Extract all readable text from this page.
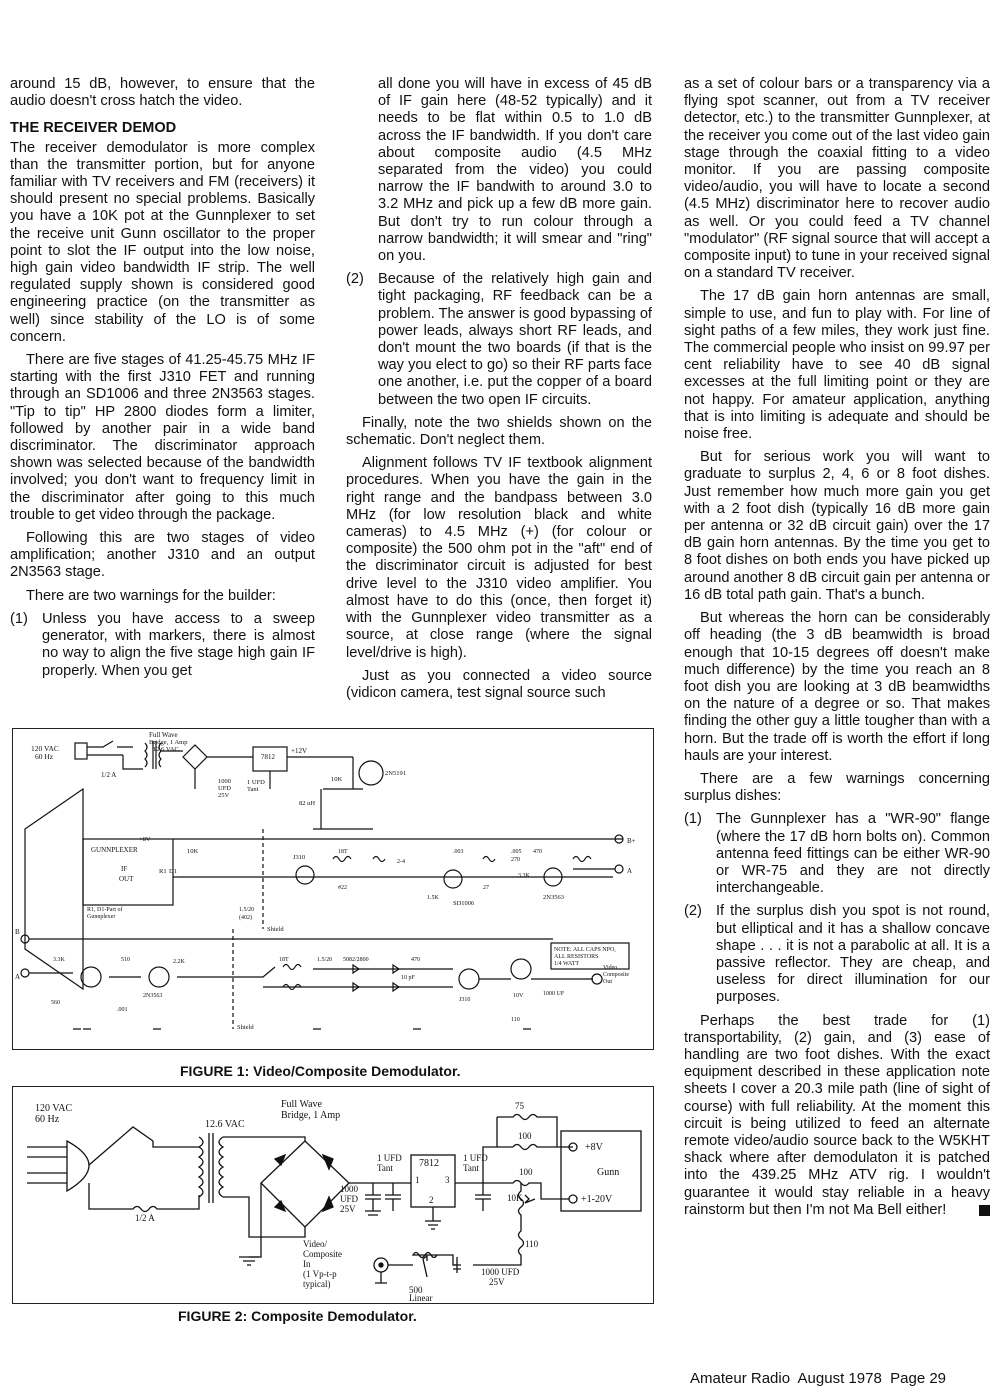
around 15 dB, however, to ensure that the audio doesn't cross hatch the video.

THE RECEIVER DEMOD

The receiver demodulator is more complex than the transmitter portion, but for anyone familiar with TV receivers and FM (receivers) it should present no special problems. Basically you have a 10K pot at the Gunnplexer to set the receive unit Gunn oscillator to the proper point to slot the IF output into the low noise, high gain video bandwidth IF strip. The well regulated supply shown is considered good engineering practice (on the transmitter as well) since stability of the LO is of some concern.

There are five stages of 41.25-45.75 MHz IF starting with the first J310 FET and running through an SD1006 and three 2N3563 stages. "Tip to tip" HP 2800 diodes form a limiter, followed by another pair in a wide band discriminator. The discriminator approach shown was selected because of the bandwidth involved; you don't want to frequency limit in the discriminator after going to this much trouble to get video through the package.

Following this are two stages of video amplification; another J310 and an output 2N3563 stage.

There are two warnings for the builder:

(1) Unless you have access to a sweep generator, with markers, there is almost no way to align the five stage high gain IF properly. When you get

all done you will have in excess of 45 dB of IF gain here (48-52 typically) and it needs to be flat within 0.5 to 1.0 dB across the IF bandwidth. If you don't care about composite audio (4.5 MHz separated from the video) you could narrow the IF bandwith to around 3.0 to 3.2 MHz and pick up a few dB more gain. But don't try to run colour through a narrow bandwidth; it will smear and "ring" on you.

(2) Because of the relatively high gain and tight packaging, RF feedback can be a problem. The answer is good bypassing of power leads, always short RF leads, and don't mount the two boards (if that is the way you elect to go) so their RF parts face one another, i.e. put the copper of a board between the two open IF circuits.

Finally, note the two shields shown on the schematic. Don't neglect them.

Alignment follows TV IF textbook alignment procedures. When you have the gain in the right range and the bandpass between 3.0 MHz (for low resolution black and white cameras) to 4.5 MHz (+) (for colour or composite) the 500 ohm pot in the "aft" end of the discriminator circuit is adjusted for best drive level to the J310 video amplifier. You almost have to do this (once, then forget it) with the Gunnplexer video transmitter as a source, at close range (where the signal level/drive is high).

Just as you connected a video source (vidicon camera, test signal source such

as a set of colour bars or a transparency via a flying spot scanner, out from a TV receiver detector, etc.) to the transmitter Gunnplexer, at the receiver you come out of the last video gain stage through the coaxial fitting to a video monitor. If you are passing composite video/audio, you will have to locate a second (4.5 MHz) discriminator here to recover audio as well. Or you could feed a TV channel "modulator" (RF signal source that will accept a composite input) to tune in your received signal on a standard TV receiver.

The 17 dB gain horn antennas are small, simple to use, and fun to play with. For line of sight paths of a few miles, they work just fine. The commercial people who insist on 99.97 per cent reliability have to see 40 dB signal excesses at the full limiting point or they are not happy. For amateur application, anything that is into limiting is adequate and should be noise free.

But for serious work you will want to graduate to surplus 2, 4, 6 or 8 foot dishes. Just remember how much more gain you get with a 2 foot dish (typically 16 dB more gain per antenna or 32 dB circuit gain) over the 17 dB gain horn antennas. By the time you get to 8 foot dishes on both ends you have picked up around another 8 dB circuit gain per antenna or 16 dB total path gain. That's a bunch.

But whereas the horn can be considerably off heading (the 3 dB beamwidth is broad enough that 10-15 degrees off doesn't make much difference) by the time you reach an 8 foot dish you are looking at 3 dB beamwidths on the nature of a degree or so. That makes finding the other guy a little tougher than with a horn. But the trade off is worth the effort if long hauls are your interest.

There are a few warnings concerning surplus dishes:

(1) The Gunnplexer has a "WR-90" flange (where the 17 dB horn bolts on). Common antenna feed fittings can be either WR-90 or WR-75 and they are not directly interchangeable.
(2) If the surplus dish you spot is not round, but elliptical and it has a shallow concave shape . . . it is not a parabolic at all. It is a passive reflector. They are cheap, and useless for direct illumination for our purposes.

Perhaps the best trade for (1) transportability, (2) gain, and (3) ease of handling are two foot dishes. With the exact equipment described in these application note sheets I cover a 20.3 mile path (line of sight of course) with full reliability. At the moment this circuit is being utilized to feed an alternate remote video/audio source back to the W5KHT shack where after demodulaton it is patched into the 439.25 MHz ATV rig. I wouldn't guarantee it would stay reliable in a heavy rainstorm but then I'm not Ma Bell either!

120 VAC
60 Hz
1/2 A
Full Wave
Bridge, 1 Amp
12.6 VAC
7812
+12V
1000
UFD
25V
1 UFD
Tant
2N5191
10K
82 uH
GUNNPLEXER
+8V
IF
OUT
R1 D1
R1, D1-Part of
Gunnplexer
10K
Shield
J310
SD1006
2N3563
18T
#22
.003	.005
270
27
470
3.3K
2-4
1.5K
1.5/20
(402)
B+
A
B
A
2N3563
3.3K	510	2.2K
560
.001
18T	1.5/20 5082/2800
10 pF
470
J310
Video
Composite
Out
1000 UF
10V
110
NOTE: ALL CAPS NPO,
ALL RESISTORS
1/4 WATT
Shield
FIGURE 1: Video/Composite Demodulator.
120 VAC
60 Hz
1/2 A
12.6 VAC
Full Wave
Bridge, 1 Amp
1000
UFD
25V
1 UFD
Tant	7812
1	3
2
1 UFD
Tant
75
100
+8V
Gunn
+1-20V
100
10K
110
1000 UFD
25V
500
Linear
Video/
Composite
In
(1 Vp-t-p
typical)
FIGURE 2: Composite Demodulator.
Amateur Radio  August 1978  Page 29
